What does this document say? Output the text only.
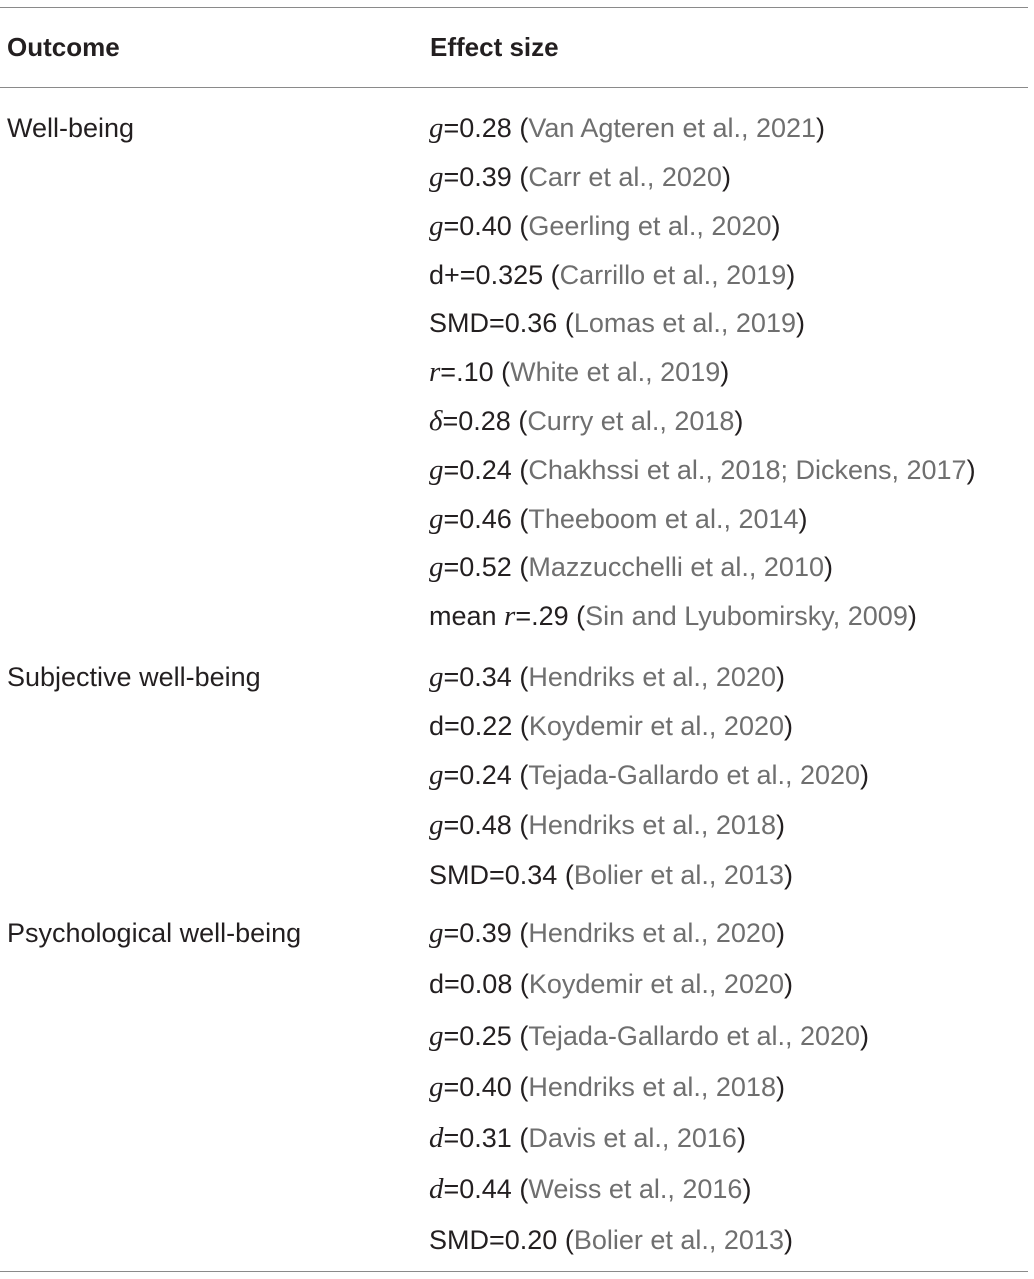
Outcome	Effect size
Well-being	g=0.28 (Van Agteren et al., 2021)
g=0.39 (Carr et al., 2020)
g=0.40 (Geerling et al., 2020)
d+=0.325 (Carrillo et al., 2019)
SMD=0.36 (Lomas et al., 2019)
r=.10 (White et al., 2019)
δ=0.28 (Curry et al., 2018)
g=0.24 (Chakhssi et al., 2018; Dickens, 2017)
g=0.46 (Theeboom et al., 2014)
g=0.52 (Mazzucchelli et al., 2010)
mean r=.29 (Sin and Lyubomirsky, 2009)
Subjective well-being	g=0.34 (Hendriks et al., 2020)
d=0.22 (Koydemir et al., 2020)
g=0.24 (Tejada-Gallardo et al., 2020)
g=0.48 (Hendriks et al., 2018)
SMD=0.34 (Bolier et al., 2013)
Psychological well-being	g=0.39 (Hendriks et al., 2020)
d=0.08 (Koydemir et al., 2020)
g=0.25 (Tejada-Gallardo et al., 2020)
g=0.40 (Hendriks et al., 2018)
d=0.31 (Davis et al., 2016)
d=0.44 (Weiss et al., 2016)
SMD=0.20 (Bolier et al., 2013)
